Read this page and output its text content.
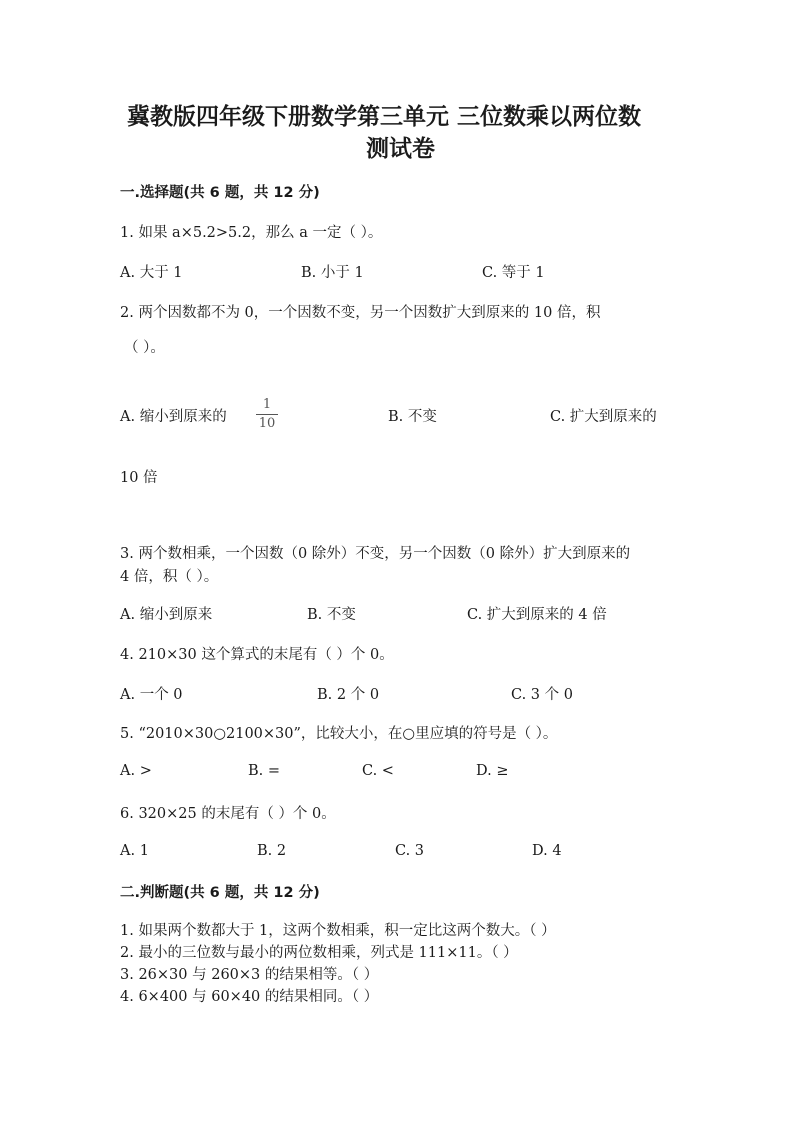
冀教版四年级下册数学第三单元 三位数乘以两位数
测试卷
一.选择题(共 6 题，共 12 分)
1. 如果 a×5.2>5.2，那么 a 一定（ ）。
A. 大于 1	B. 小于 1	C. 等于 1
2. 两个因数都不为 0，一个因数不变，另一个因数扩大到原来的 10 倍，积
（ ）。
A. 缩小到原来的
1
10	B. 不变	C. 扩大到原来的
10 倍
3. 两个数相乘，一个因数（0 除外）不变，另一个因数（0 除外）扩大到原来的
4 倍，积（ ）。
A. 缩小到原来	B. 不变	C. 扩大到原来的 4 倍
4. 210×30 这个算式的末尾有（ ）个 0。
A. 一个 0	B. 2 个 0	C. 3 个 0
5. “2010×30○2100×30”，比较大小，在○里应填的符号是（ ）。
A. >	B. =	C. <	D. ≥
6. 320×25 的末尾有（ ）个 0。
A. 1	B. 2	C. 3	D. 4
二.判断题(共 6 题，共 12 分)
1. 如果两个数都大于 1，这两个数相乘，积一定比这两个数大。（ ）
2. 最小的三位数与最小的两位数相乘，列式是 111×11。（ ）
3. 26×30 与 260×3 的结果相等。（ ）
4. 6×400 与 60×40 的结果相同。（ ）
